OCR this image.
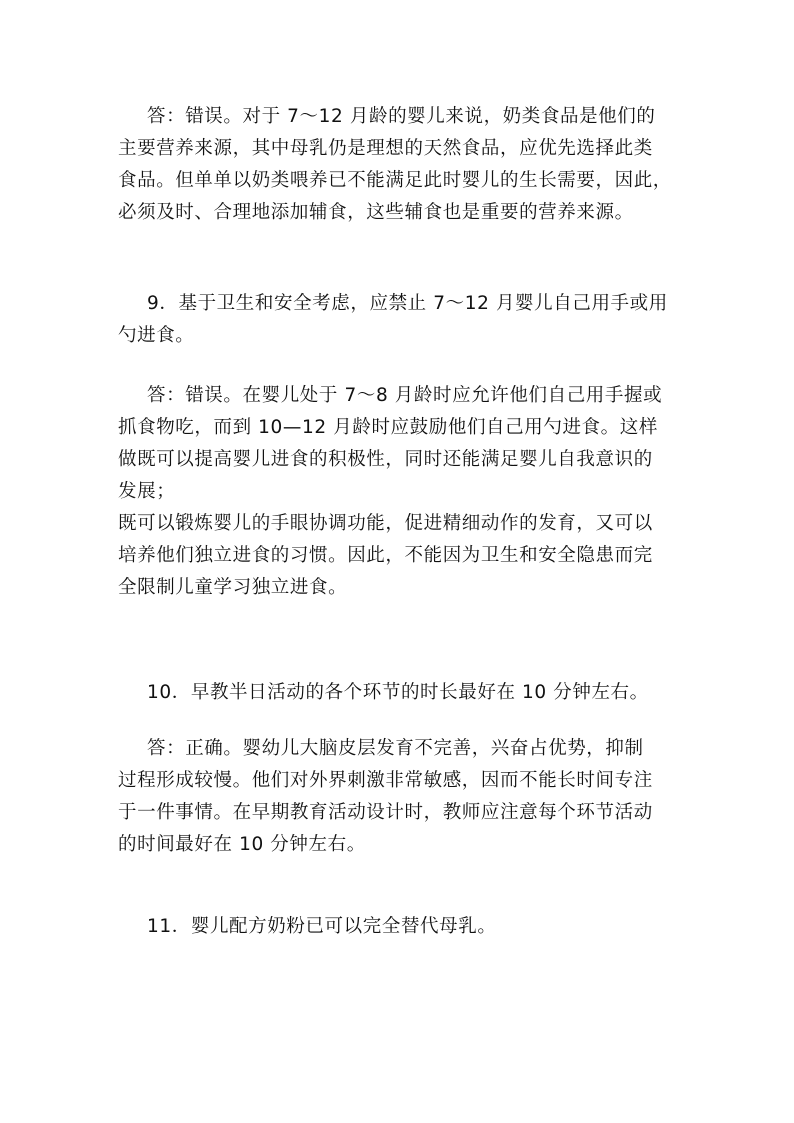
答：错误。对于 7～12 月龄的婴儿来说，奶类食品是他们的
主要营养来源，其中母乳仍是理想的天然食品，应优先选择此类
食品。但单单以奶类喂养已不能满足此时婴儿的生长需要，因此，
必须及时、合理地添加辅食，这些辅食也是重要的营养来源。
9．基于卫生和安全考虑，应禁止 7～12 月婴儿自己用手或用
勺进食。
答：错误。在婴儿处于 7～8 月龄时应允许他们自己用手握或
抓食物吃，而到 10—12 月龄时应鼓励他们自己用勺进食。这样
做既可以提高婴儿进食的积极性，同时还能满足婴儿自我意识的
发展；
既可以锻炼婴儿的手眼协调功能，促进精细动作的发育，又可以
培养他们独立进食的习惯。因此，不能因为卫生和安全隐患而完
全限制儿童学习独立进食。
10．早教半日活动的各个环节的时长最好在 10 分钟左右。
答：正确。婴幼儿大脑皮层发育不完善，兴奋占优势，抑制
过程形成较慢。他们对外界刺激非常敏感，因而不能长时间专注
于一件事情。在早期教育活动设计时，教师应注意每个环节活动
的时间最好在 10 分钟左右。
11．婴儿配方奶粉已可以完全替代母乳。
